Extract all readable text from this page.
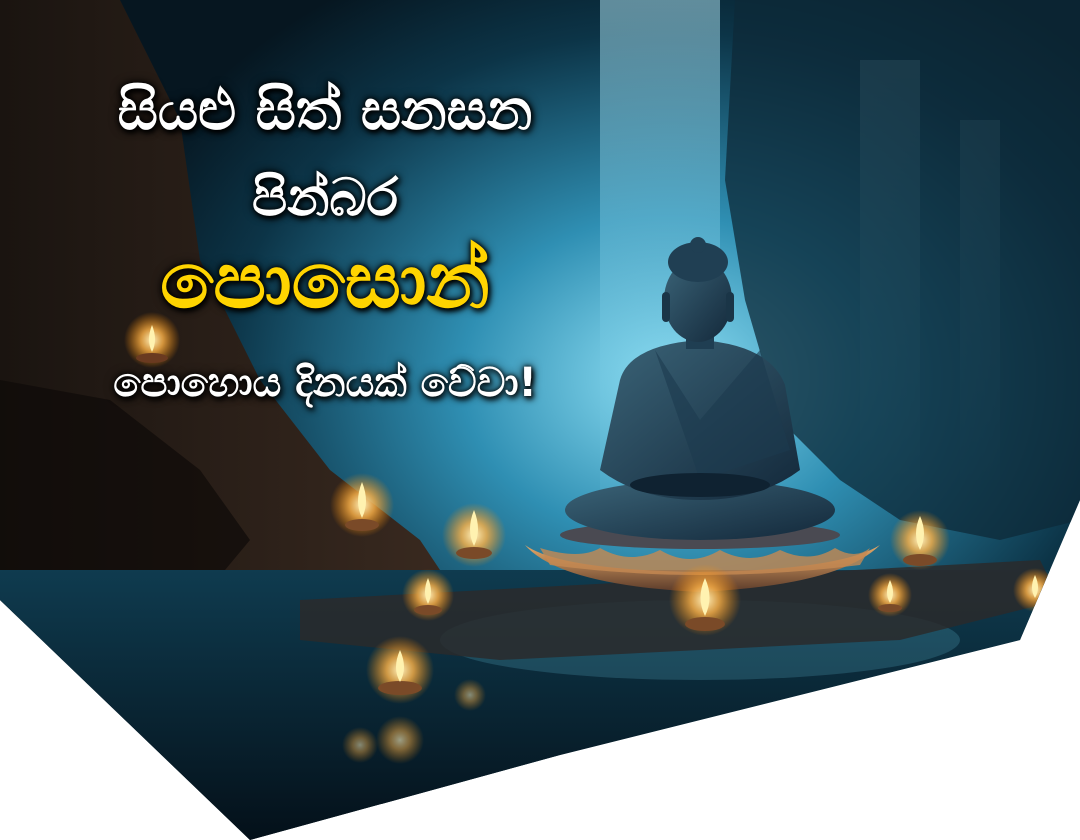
සියළු සිත් සනසන
පින්බර
පොසොන්

පොහොය දිනයක් වේවා!
